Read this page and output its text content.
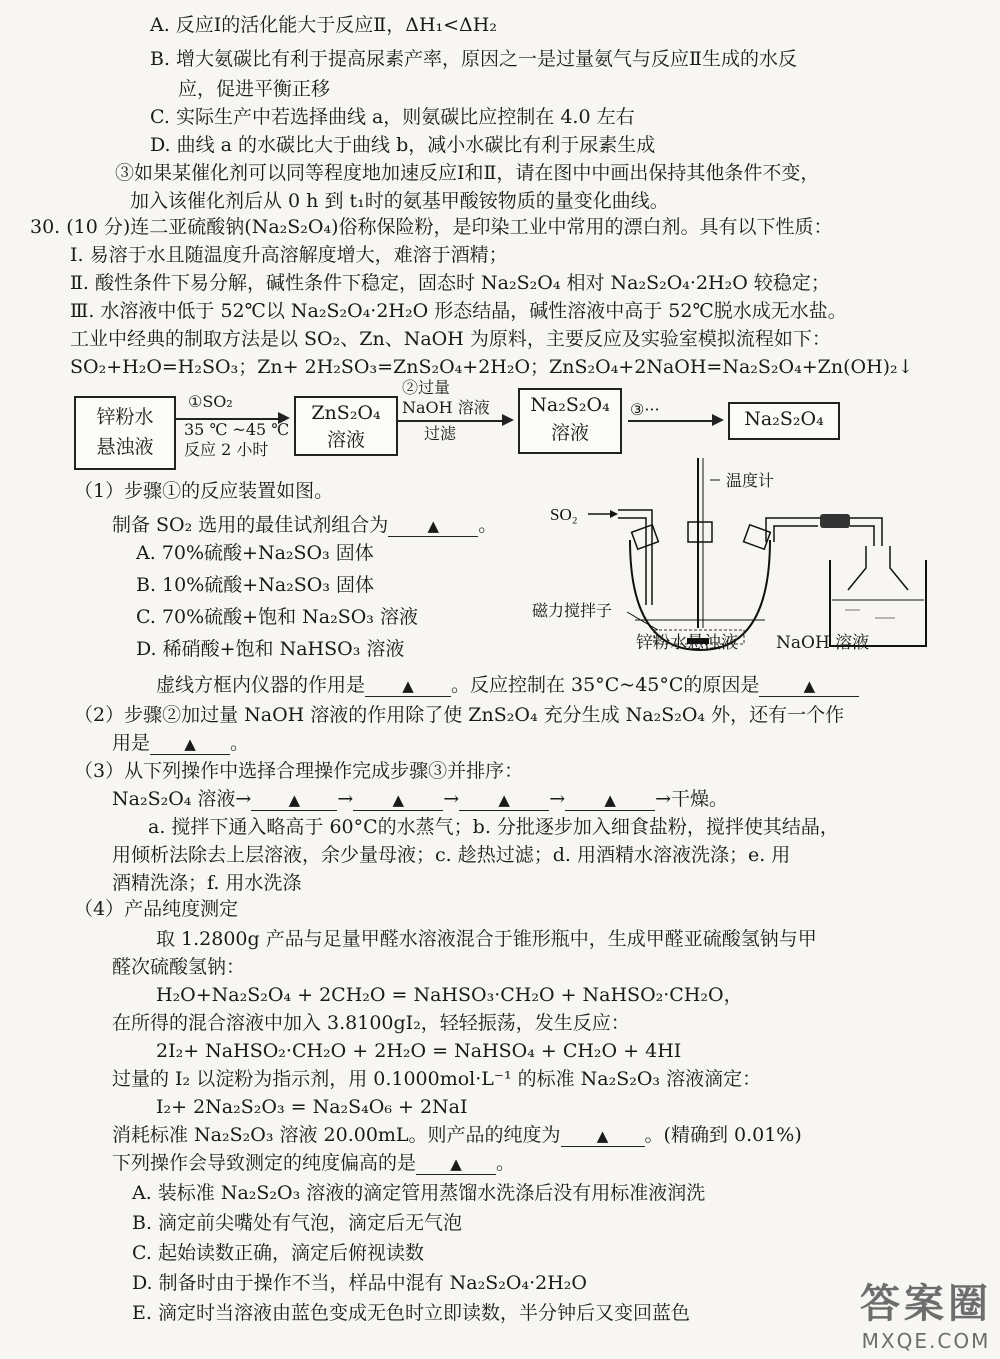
A. 反应Ⅰ的活化能大于反应Ⅱ，ΔH₁<ΔH₂
B. 增大氨碳比有利于提高尿素产率，原因之一是过量氨气与反应Ⅱ生成的水反
应，促进平衡正移
C. 实际生产中若选择曲线 a，则氨碳比应控制在 4.0 左右
D. 曲线 a 的水碳比大于曲线 b，减小水碳比有利于尿素生成
③如果某催化剂可以同等程度地加速反应Ⅰ和Ⅱ，请在图中中画出保持其他条件不变，
加入该催化剂后从 0 h 到 t₁时的氨基甲酸铵物质的量变化曲线。
30. (10 分)连二亚硫酸钠(Na₂S₂O₄)俗称保险粉，是印染工业中常用的漂白剂。具有以下性质：
Ⅰ. 易溶于水且随温度升高溶解度增大，难溶于酒精；
Ⅱ. 酸性条件下易分解，碱性条件下稳定，固态时 Na₂S₂O₄ 相对 Na₂S₂O₄·2H₂O 较稳定；
Ⅲ. 水溶液中低于 52℃以 Na₂S₂O₄·2H₂O 形态结晶，碱性溶液中高于 52℃脱水成无水盐。
工业中经典的制取方法是以 SO₂、Zn、NaOH 为原料，主要反应及实验室模拟流程如下：
SO₂+H₂O=H₂SO₃；Zn+ 2H₂SO₃=ZnS₂O₄+2H₂O；ZnS₂O₄+2NaOH=Na₂S₂O₄+Zn(OH)₂↓
锌粉水
悬浊液
①SO₂
35 ℃ ~45 ℃
反应 2 小时
ZnS₂O₄
溶液
②过量
NaOH 溶液
过滤
Na₂S₂O₄
溶液
③···	Na₂S₂O₄
（1）步骤①的反应装置如图。
制备 SO₂ 选用的最佳试剂组合为	▲ 。
A. 70%硫酸+Na₂SO₃ 固体
B. 10%硫酸+Na₂SO₃ 固体
C. 70%硫酸+饱和 Na₂SO₃ 溶液
D. 稀硝酸+饱和 NaHSO₃ 溶液
SO₂
温度计
磁力搅拌子
锌粉水悬浊液 NaOH 溶液
虚线方框内仪器的作用是 ▲ 。反应控制在 35°C~45°C的原因是	▲
（2）步骤②加过量 NaOH 溶液的作用除了使 ZnS₂O₄ 充分生成 Na₂S₂O₄ 外，还有一个作
用是 ▲ 。
（3）从下列操作中选择合理操作完成步骤③并排序：
Na₂S₂O₄ 溶液→ ▲ →	▲ →	▲ →	▲ →干燥。
a. 搅拌下通入略高于 60°C的水蒸气；b. 分批逐步加入细食盐粉，搅拌使其结晶，
用倾析法除去上层溶液，余少量母液；c. 趁热过滤；d. 用酒精水溶液洗涤；e. 用
酒精洗涤；f. 用水洗涤
（4）产品纯度测定
取 1.2800g 产品与足量甲醛水溶液混合于锥形瓶中，生成甲醛亚硫酸氢钠与甲
醛次硫酸氢钠：
H₂O+Na₂S₂O₄ + 2CH₂O = NaHSO₃·CH₂O + NaHSO₂·CH₂O，
在所得的混合溶液中加入 3.8100gI₂，轻轻振荡，发生反应：
2I₂+ NaHSO₂·CH₂O + 2H₂O = NaHSO₄ + CH₂O + 4HI
过量的 I₂ 以淀粉为指示剂，用 0.1000mol·L⁻¹ 的标准 Na₂S₂O₃ 溶液滴定：
I₂+ 2Na₂S₂O₃ = Na₂S₄O₆ + 2NaI
消耗标准 Na₂S₂O₃ 溶液 20.00mL。则产品的纯度为 ▲ 。(精确到 0.01%)
下列操作会导致测定的纯度偏高的是 ▲ 。
A. 装标准 Na₂S₂O₃ 溶液的滴定管用蒸馏水洗涤后没有用标准液润洗
B. 滴定前尖嘴处有气泡，滴定后无气泡
C. 起始读数正确，滴定后俯视读数
D. 制备时由于操作不当，样品中混有 Na₂S₂O₄·2H₂O
E. 滴定时当溶液由蓝色变成无色时立即读数，半分钟后又变回蓝色	答案圈
MXQE.COM
